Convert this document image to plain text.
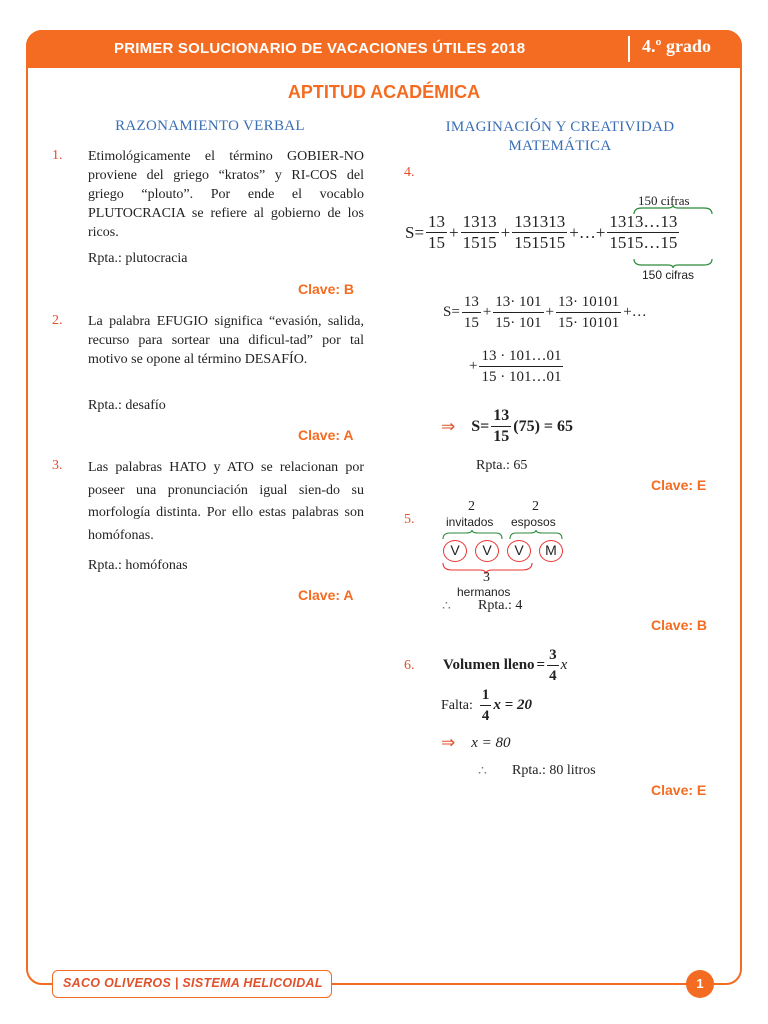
PRIMER SOLUCIONARIO DE VACACIONES ÚTILES 2018	4.º grado
APTITUD ACADÉMICA
RAZONAMIENTO VERBAL
1. Etimológicamente el término GOBIER-NO proviene del griego “kratos” y RI-COS del griego “plouto”. Por ende el vocablo PLUTOCRACIA se refiere al gobierno de los ricos.
Rpta.: plutocracia
Clave: B
2. La palabra EFUGIO significa “evasión, salida, recurso para sortear una dificul-tad” por tal motivo se opone al término DESAFÍO.
Rpta.: desafío
Clave: A
3. Las palabras HATO y ATO se relacionan por poseer una pronunciación igual sien-do su morfología distinta. Por ello estas palabras son homófonas.
Rpta.: homófonas
Clave: A
IMAGINACIÓN Y CREATIVIDAD MATEMÁTICA
4.
150 cifras
$S= \frac{13}{15} + \frac{1313}{1515} + \frac{131313}{151515}$ +…+ $\frac{1313\dots 13}{1515\dots 15}$
150 cifras
$S= \frac{13}{15} + \frac{13\cdot 101}{15\cdot 101} + \frac{13\cdot 10101}{15\cdot 10101}$ +…
+ $\frac{13 \cdot 101\dots 01}{15 \cdot 101\dots 01}$
⇒ $S= \frac{13}{15} (75) = 65$
Rpta.: 65
Clave: E
5.
2
invitados
2
esposos
V	V	V	M
3
hermanos
∴ Rpta.: 4
Clave: B
6. Volumen lleno = $\frac{3}{4}$ x
Falta: $\frac{1}{4}$ x = 20
⇒ x = 80
∴ Rpta.: 80 litros
Clave: E
SACO OLIVEROS | SISTEMA HELICOIDAL	1
